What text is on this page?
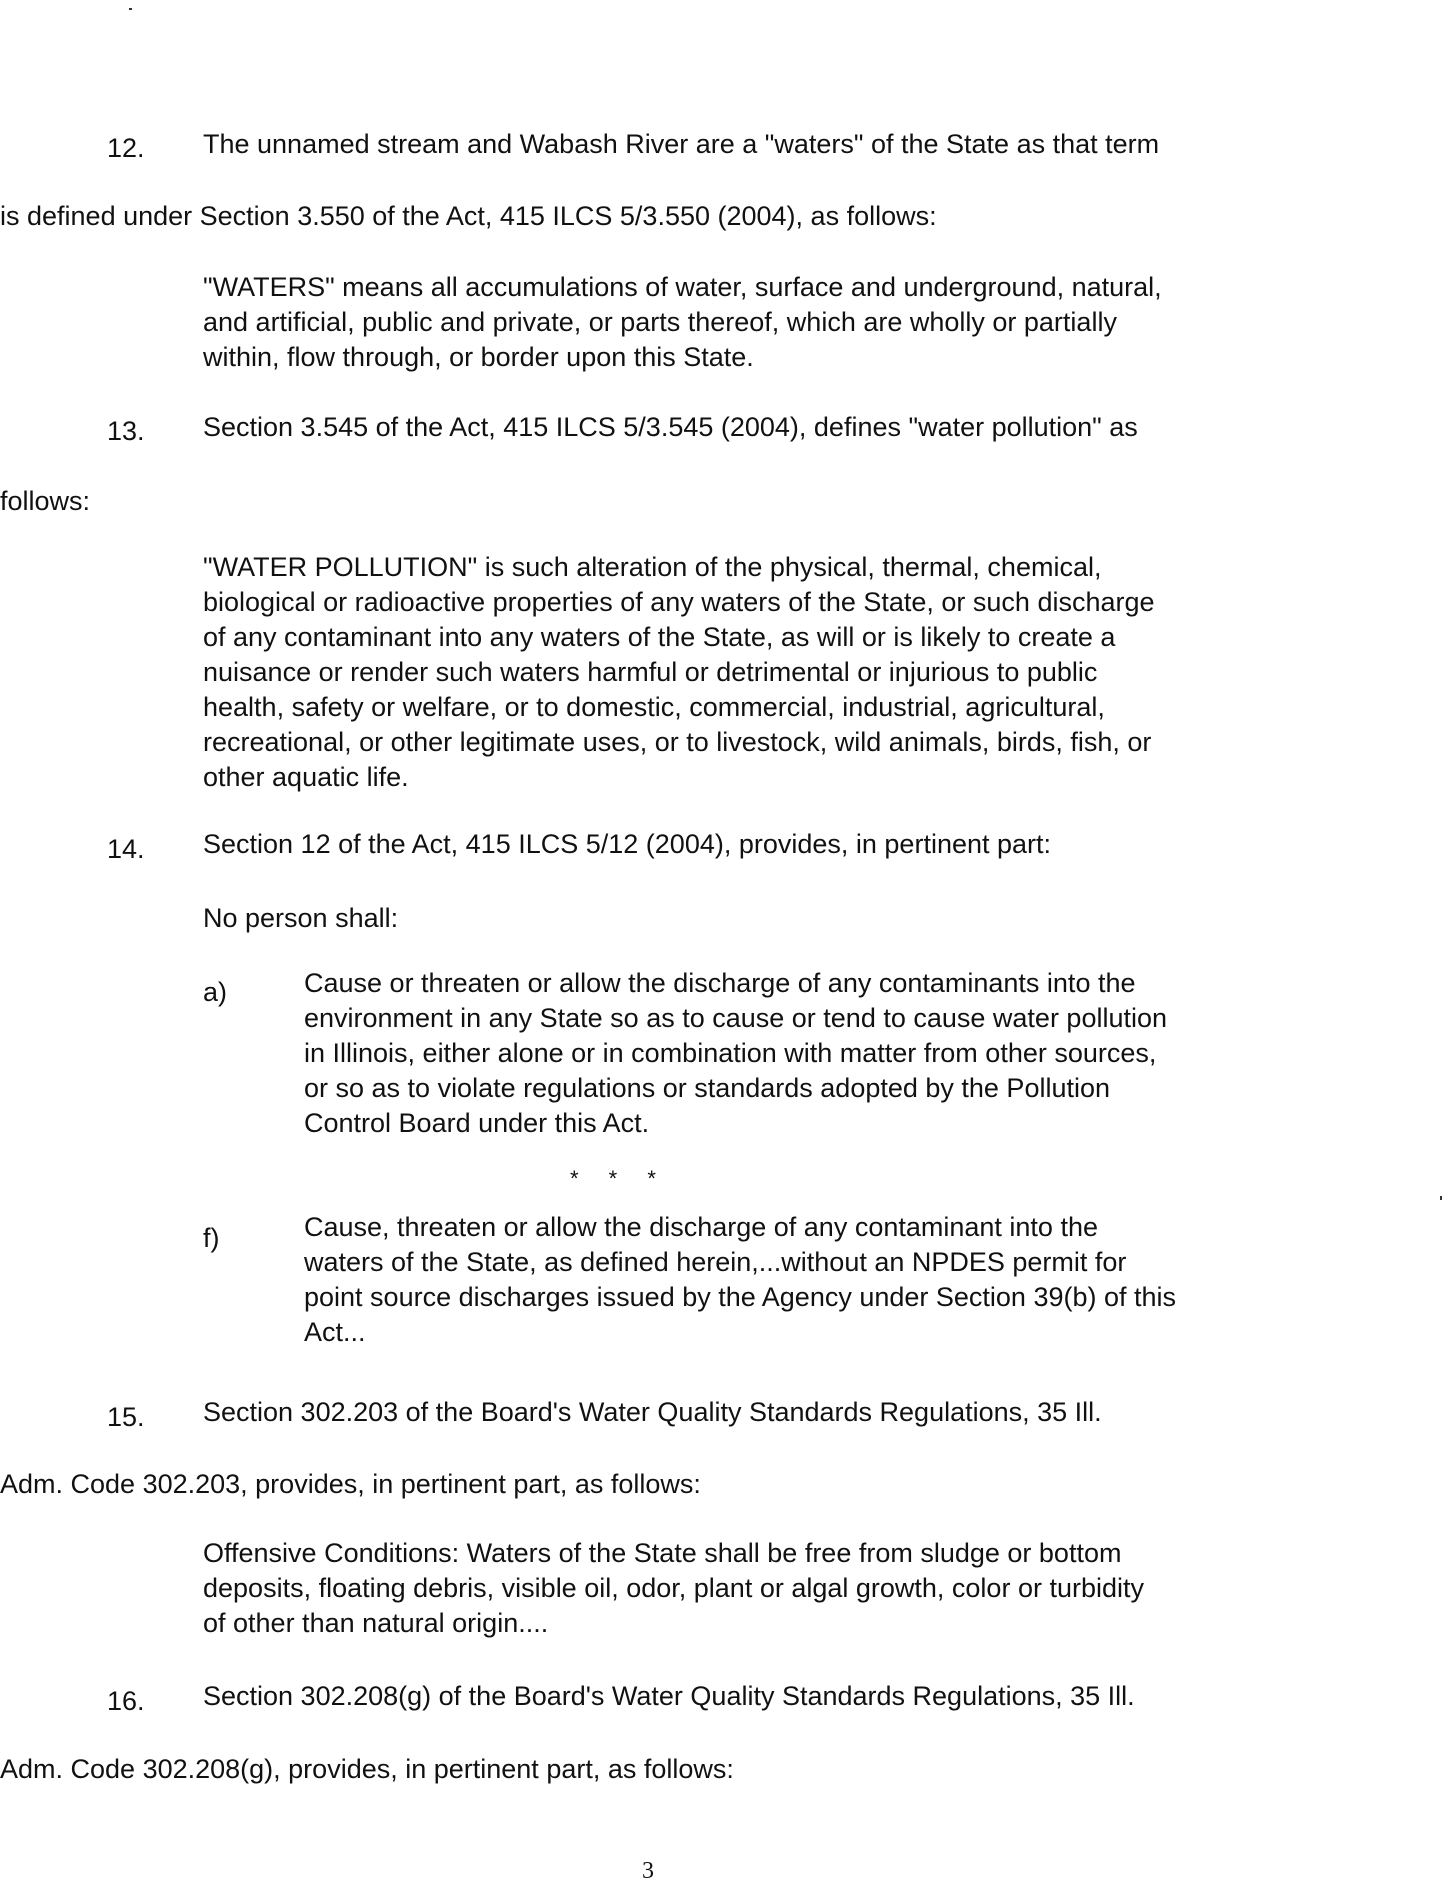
12. The unnamed stream and Wabash River are a "waters" of the State as that term
is defined under Section 3.550 of the Act, 415 ILCS 5/3.550 (2004), as follows:
"WATERS" means all accumulations of water, surface and underground, natural,
and artificial, public and private, or parts thereof, which are wholly or partially
within, flow through, or border upon this State.
13. Section 3.545 of the Act, 415 ILCS 5/3.545 (2004), defines "water pollution" as
follows:
"WATER POLLUTION" is such alteration of the physical, thermal, chemical,
biological or radioactive properties of any waters of the State, or such discharge
of any contaminant into any waters of the State, as will or is likely to create a
nuisance or render such waters harmful or detrimental or injurious to public
health, safety or welfare, or to domestic, commercial, industrial, agricultural,
recreational, or other legitimate uses, or to livestock, wild animals, birds, fish, or
other aquatic life.
14. Section 12 of the Act, 415 ILCS 5/12 (2004), provides, in pertinent part:
No person shall:
a)	Cause or threaten or allow the discharge of any contaminants into the
environment in any State so as to cause or tend to cause water pollution
in Illinois, either alone or in combination with matter from other sources,
or so as to violate regulations or standards adopted by the Pollution
Control Board under this Act.
* * *
f)	Cause, threaten or allow the discharge of any contaminant into the
waters of the State, as defined herein,...without an NPDES permit for
point source discharges issued by the Agency under Section 39(b) of this
Act...
15. Section 302.203 of the Board's Water Quality Standards Regulations, 35 Ill.
Adm. Code 302.203, provides, in pertinent part, as follows:
Offensive Conditions: Waters of the State shall be free from sludge or bottom
deposits, floating debris, visible oil, odor, plant or algal growth, color or turbidity
of other than natural origin....
16. Section 302.208(g) of the Board's Water Quality Standards Regulations, 35 Ill.
Adm. Code 302.208(g), provides, in pertinent part, as follows:
3
